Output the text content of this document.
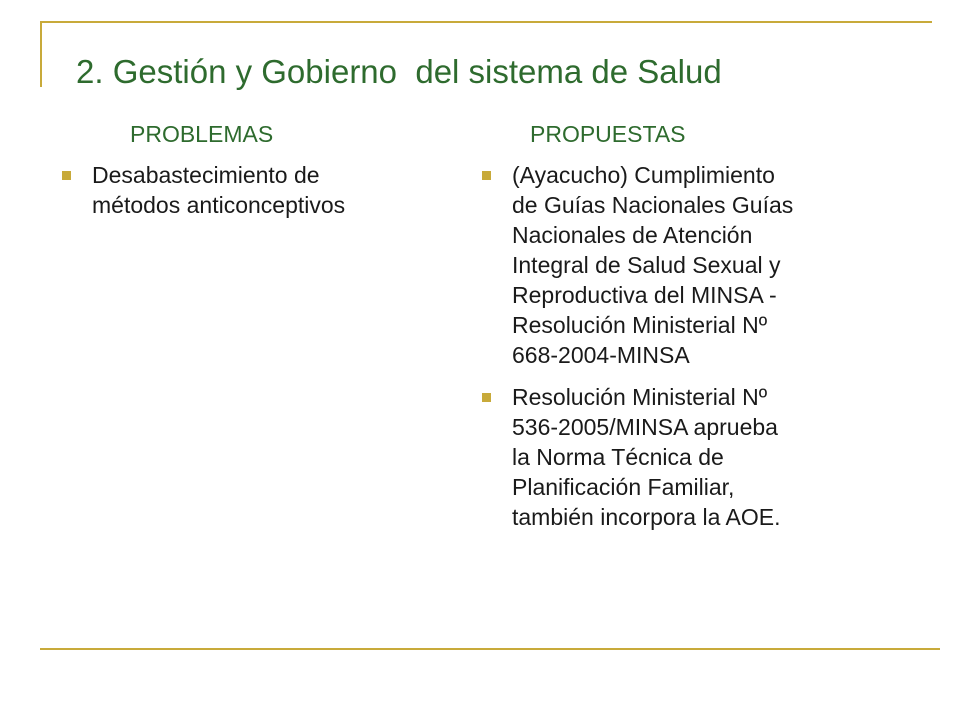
2. Gestión y Gobierno  del sistema de Salud
PROBLEMAS	PROPUESTAS
Desabastecimiento de
métodos anticonceptivos
(Ayacucho) Cumplimiento
de Guías Nacionales Guías
Nacionales de Atención
Integral de Salud Sexual y
Reproductiva del MINSA -
Resolución Ministerial Nº
668-2004-MINSA
Resolución Ministerial Nº
536-2005/MINSA aprueba
la Norma Técnica de
Planificación Familiar,
también incorpora la AOE.
